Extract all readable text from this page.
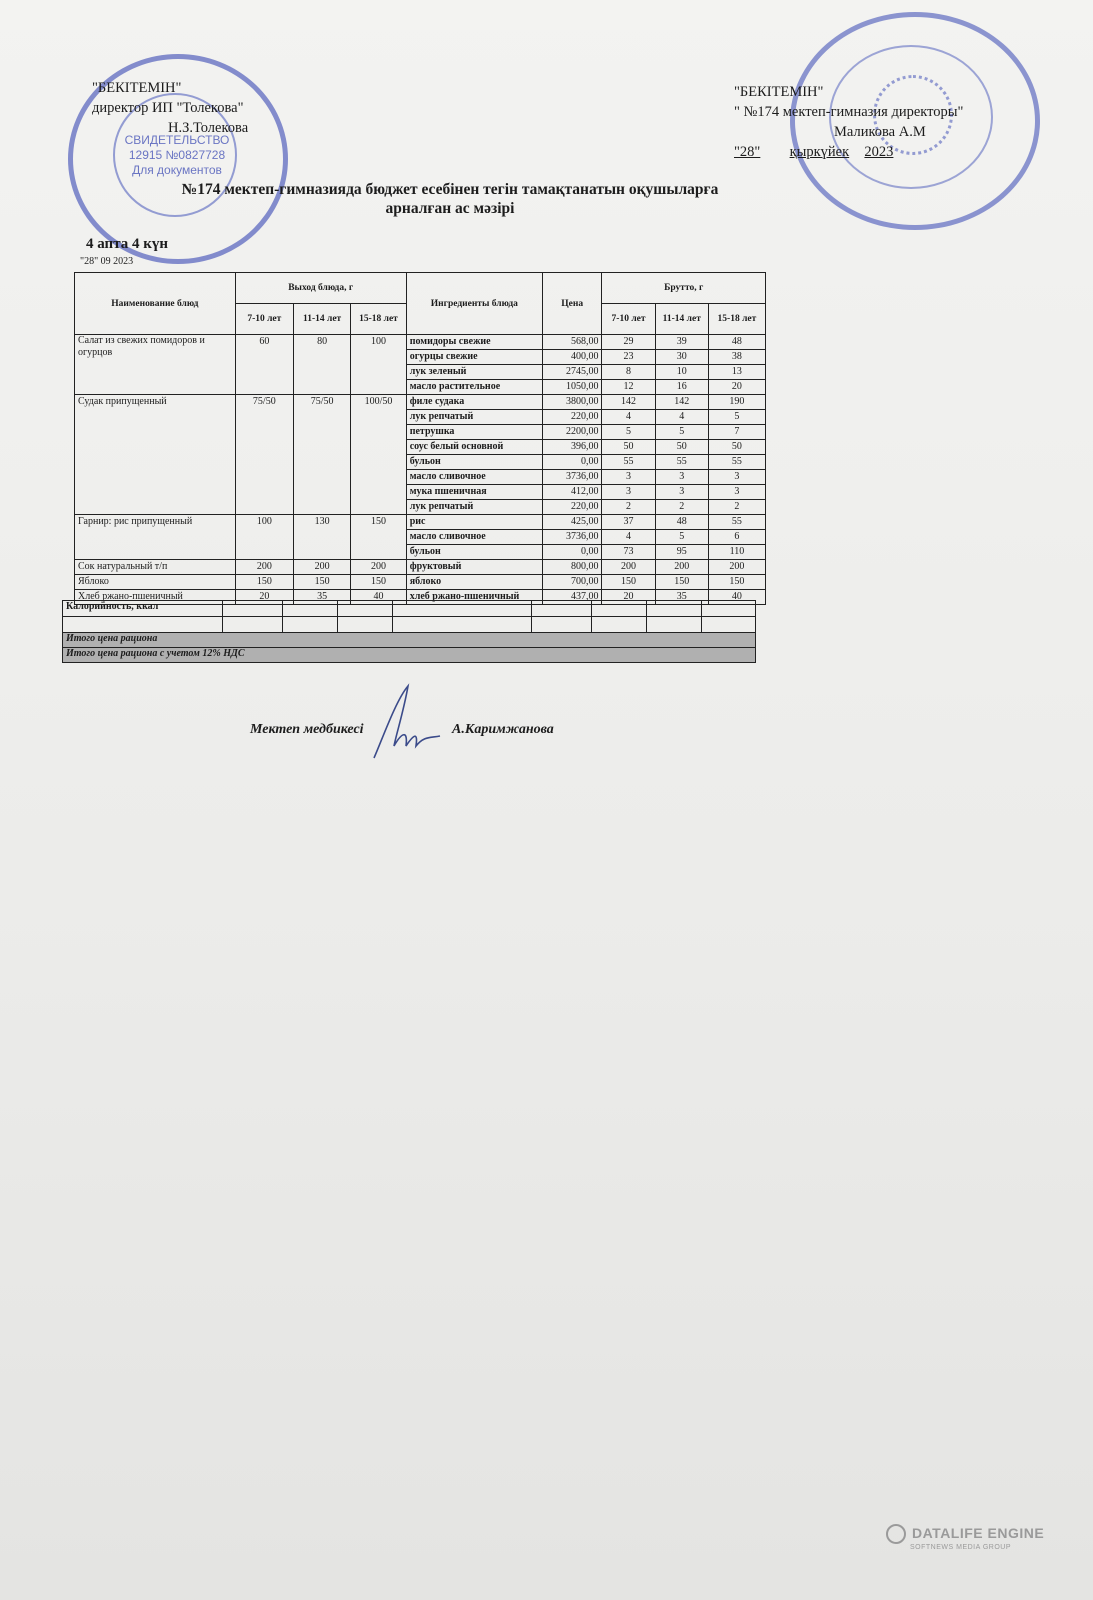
СВИДЕТЕЛЬСТВО
12915 №0827728
Для документов
"БЕКІТЕМІН"
директор ИП "Толекова"
Н.З.Толекова
"БЕКІТЕМІН"
" №174 мектеп-гимназия директоры"
Маликова А.М
"28" қыркүйек 2023
№174 мектеп-гимназияда бюджет есебінен тегін тамақтанатын оқушыларға
арналған ас мәзірі
4 апта 4 күн
"28" 09 2023
Наименование блюд	Выход блюда, г			Ингредиенты блюда	Цена	Брутто, г		
	7-10 лет	11-14 лет	15-18 лет			7-10 лет	11-14 лет	15-18 лет
Салат из свежих помидоров и огурцов	60	80	100	помидоры свежие	568,00	29	39	48
				огурцы свежие	400,00	23	30	38
				лук зеленый	2745,00	8	10	13
				масло растительное	1050,00	12	16	20
Судак припущенный	75/50	75/50	100/50	филе судака	3800,00	142	142	190
				лук репчатый	220,00	4	4	5
				петрушка	2200,00	5	5	7
				соус белый основной	396,00	50	50	50
				бульон	0,00	55	55	55
				масло сливочное	3736,00	3	3	3
				мука пшеничная	412,00	3	3	3
				лук репчатый	220,00	2	2	2
Гарнир: рис припущенный	100	130	150	рис	425,00	37	48	55
				масло сливочное	3736,00	4	5	6
				бульон	0,00	73	95	110
Сок натуральный т/п	200	200	200	фруктовый	800,00	200	200	200
Яблоко	150	150	150	яблоко	700,00	150	150	150
Хлеб ржано-пшеничный	20	35	40	хлеб ржано-пшеничный	437,00	20	35	40
Калорийность, ккал								

Итого цена рациона								
Итого цена рациона с учетом 12% НДС								
Мектеп медбикесі	А.Каримжанова
DATALIFE ENGINE
SOFTNEWS MEDIA GROUP
